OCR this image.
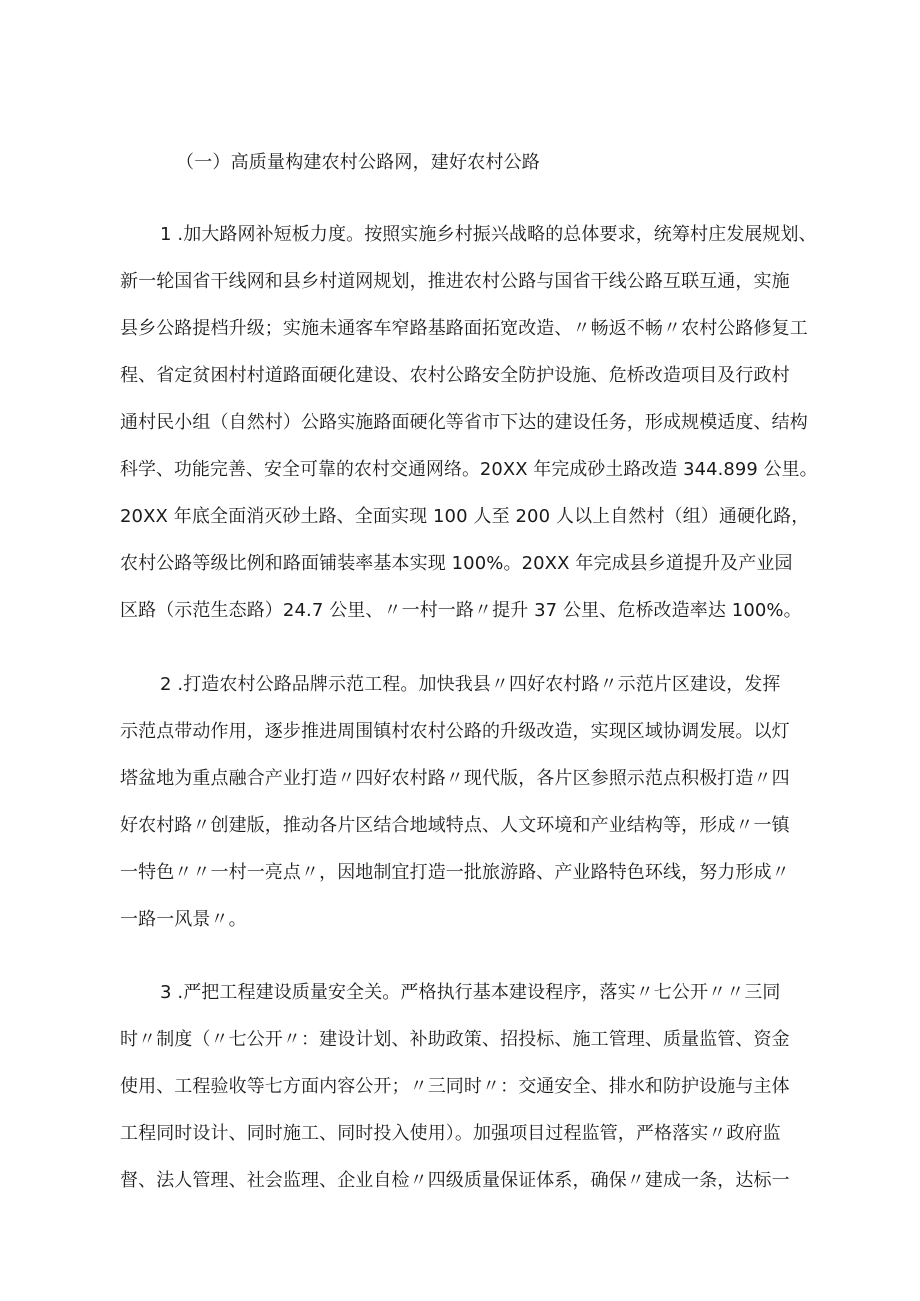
（一）高质量构建农村公路网，建好农村公路
1 .加大路网补短板力度。按照实施乡村振兴战略的总体要求，统筹村庄发展规划、
新一轮国省干线网和县乡村道网规划，推进农村公路与国省干线公路互联互通，实施
县乡公路提档升级；实施未通客车窄路基路面拓宽改造、〃畅返不畅〃农村公路修复工
程、省定贫困村村道路面硬化建设、农村公路安全防护设施、危桥改造项目及行政村
通村民小组（自然村）公路实施路面硬化等省市下达的建设任务，形成规模适度、结构
科学、功能完善、安全可靠的农村交通网络。20XX 年完成砂土路改造 344.899 公里。
20XX 年底全面消灭砂土路、全面实现 100 人至 200 人以上自然村（组）通硬化路，
农村公路等级比例和路面铺装率基本实现 100%。20XX 年完成县乡道提升及产业园
区路（示范生态路）24.7 公里、〃一村一路〃提升 37 公里、危桥改造率达 100%。
2 .打造农村公路品牌示范工程。加快我县〃四好农村路〃示范片区建设，发挥
示范点带动作用，逐步推进周围镇村农村公路的升级改造，实现区域协调发展。以灯
塔盆地为重点融合产业打造〃四好农村路〃现代版，各片区参照示范点积极打造〃四
好农村路〃创建版，推动各片区结合地域特点、人文环境和产业结构等，形成〃一镇
一特色〃〃一村一亮点〃，因地制宜打造一批旅游路、产业路特色环线，努力形成〃
一路一风景〃。
3 .严把工程建设质量安全关。严格执行基本建设程序，落实〃七公开〃〃三同
时〃制度（〃七公开〃：建设计划、补助政策、招投标、施工管理、质量监管、资金
使用、工程验收等七方面内容公开；〃三同时〃：交通安全、排水和防护设施与主体
工程同时设计、同时施工、同时投入使用）。加强项目过程监管，严格落实〃政府监
督、法人管理、社会监理、企业自检〃四级质量保证体系，确保〃建成一条，达标一
